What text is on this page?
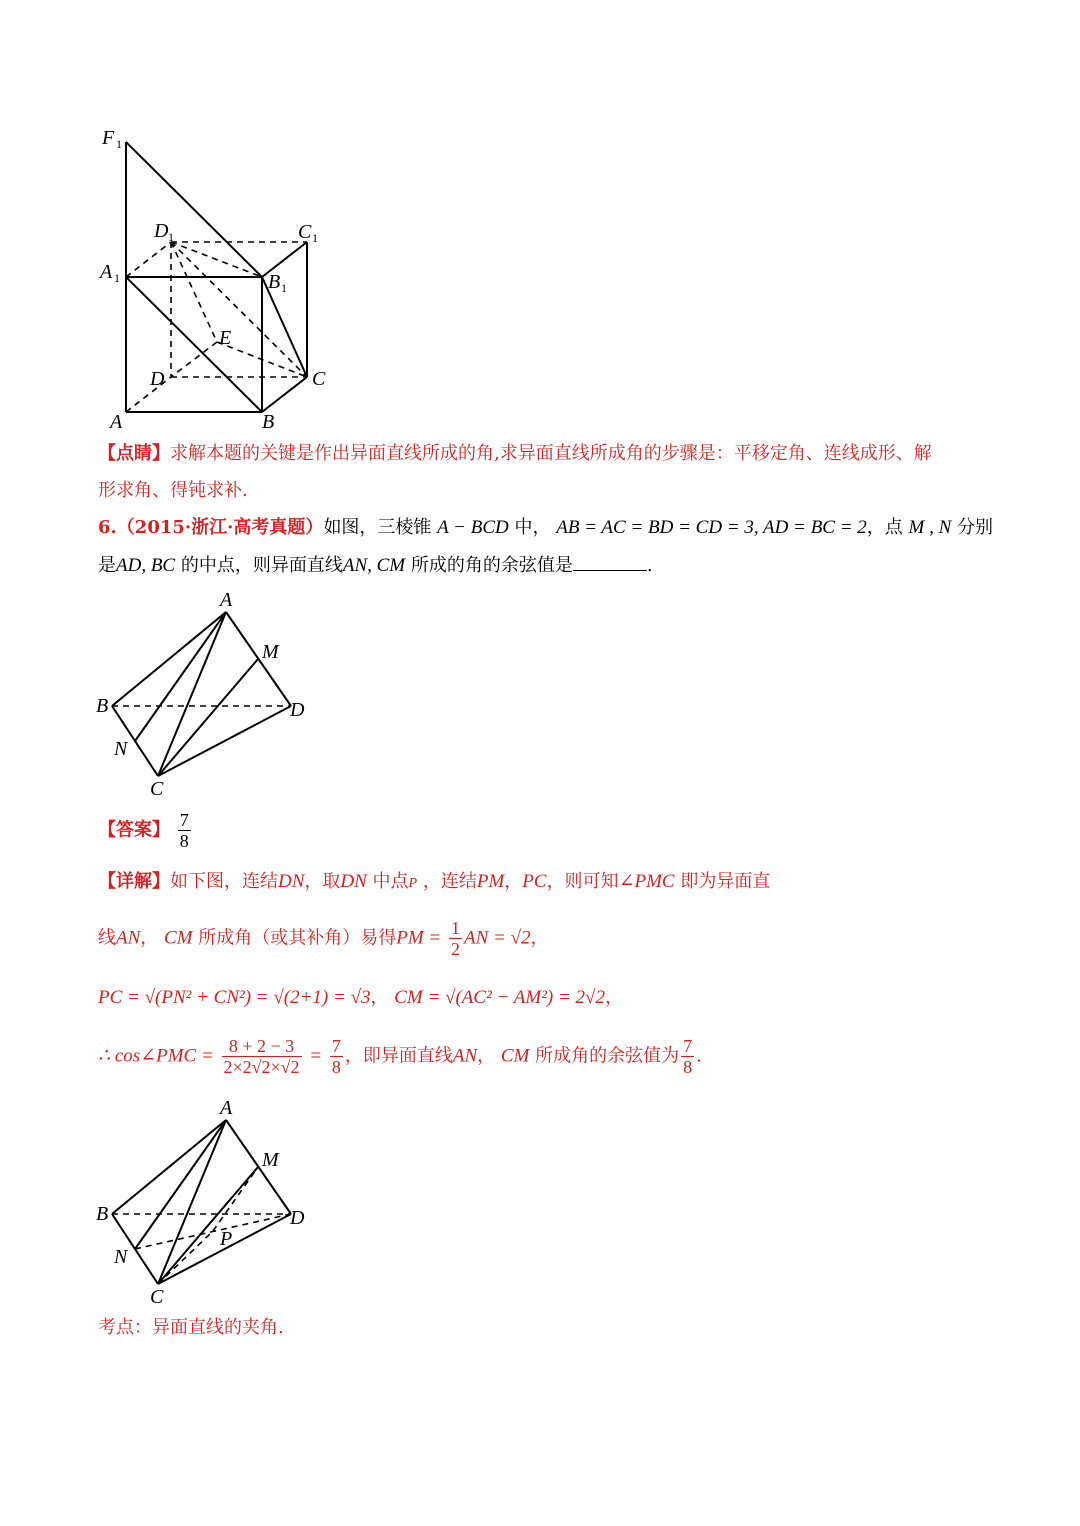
F 1
D 1	C 1
A 1	B 1
E
D	C
A	B
【点睛】求解本题的关键是作出异面直线所成的角,求异面直线所成角的步骤是：平移定角、连线成形、解
形求角、得钝求补.
6.（2015·浙江·高考真题）如图，三棱锥 A − BCD 中， AB = AC = BD = CD = 3, AD = BC = 2，点 M , N 分别
是AD, BC 的中点，则异面直线AN, CM 所成的角的余弦值是	.
A
M
B	D
N
C
【答案】 $\frac{7}{8}$
【详解】如下图，连结DN，取DN 中点P ，连结PM，PC，则可知∠PMC 即为异面直
线AN， CM 所成角（或其补角）易得PM = $\frac{1}{2}$ AN = √2，
PC = √(PN² + CN²) = √(2+1) = √3， CM = √(AC² − AM²) = 2√2，
∴ cos∠PMC = $\frac{8 + 2 - 3}{2\times 2√2\times√2} = \frac{7}{8}$ ，即异面直线AN， CM 所成角的余弦值为 $\frac{7}{8}$ .
A
M
B	D
N
P
C
考点：异面直线的夹角.
